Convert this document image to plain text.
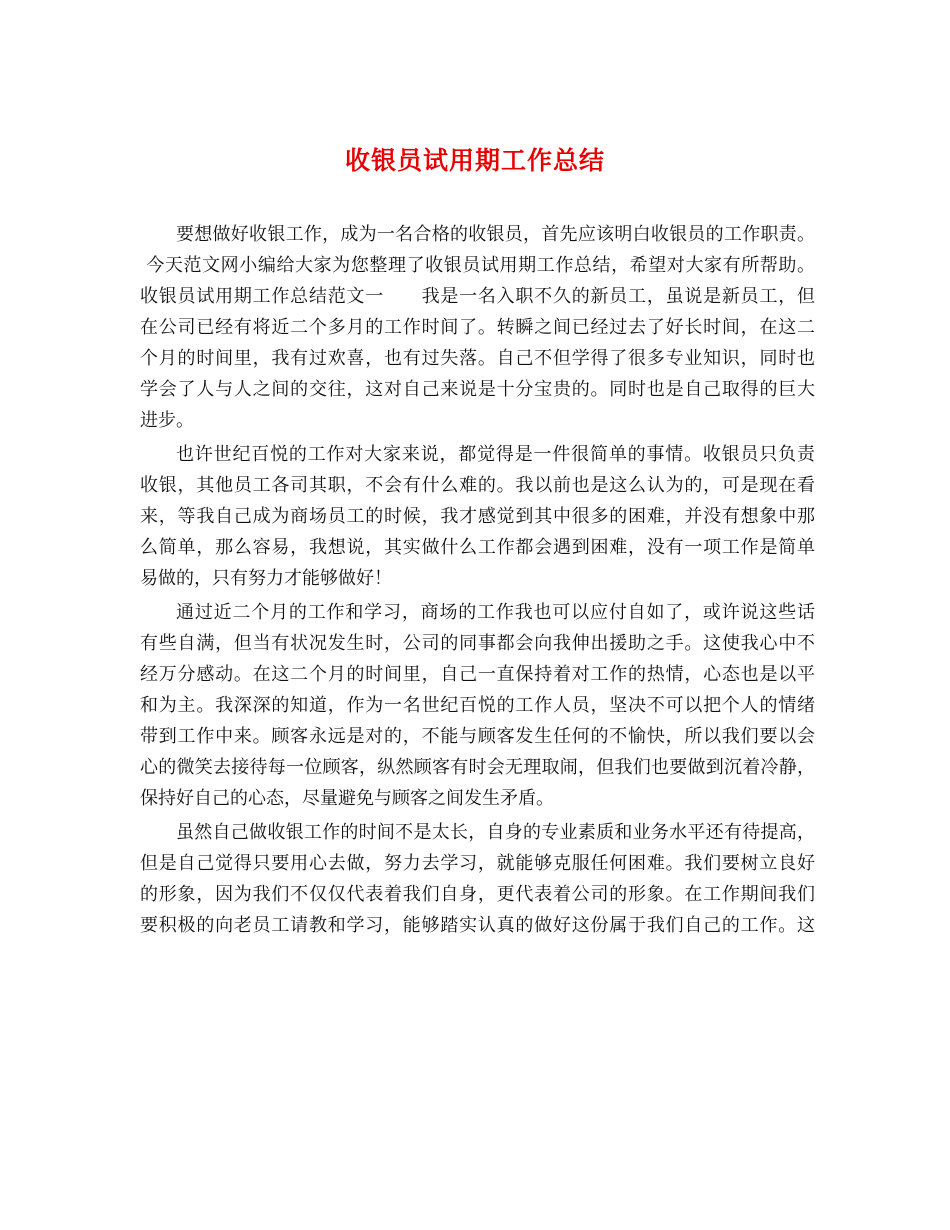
收银员试用期工作总结
要想做好收银工作，成为一名合格的收银员，首先应该明白收银员的工作职责。
今天范文网小编给大家为您整理了收银员试用期工作总结，希望对大家有所帮助。
收银员试用期工作总结范文一　　我是一名入职不久的新员工，虽说是新员工，但
在公司已经有将近二个多月的工作时间了。转瞬之间已经过去了好长时间，在这二
个月的时间里，我有过欢喜，也有过失落。自己不但学得了很多专业知识，同时也
学会了人与人之间的交往，这对自己来说是十分宝贵的。同时也是自己取得的巨大
进步。
也许世纪百悦的工作对大家来说，都觉得是一件很简单的事情。收银员只负责
收银，其他员工各司其职，不会有什么难的。我以前也是这么认为的，可是现在看
来，等我自己成为商场员工的时候，我才感觉到其中很多的困难，并没有想象中那
么简单，那么容易，我想说，其实做什么工作都会遇到困难，没有一项工作是简单
易做的，只有努力才能够做好！
通过近二个月的工作和学习，商场的工作我也可以应付自如了，或许说这些话
有些自满，但当有状况发生时，公司的同事都会向我伸出援助之手。这使我心中不
经万分感动。在这二个月的时间里，自己一直保持着对工作的热情，心态也是以平
和为主。我深深的知道，作为一名世纪百悦的工作人员，坚决不可以把个人的情绪
带到工作中来。顾客永远是对的，不能与顾客发生任何的不愉快，所以我们要以会
心的微笑去接待每一位顾客，纵然顾客有时会无理取闹，但我们也要做到沉着冷静，
保持好自己的心态，尽量避免与顾客之间发生矛盾。
虽然自己做收银工作的时间不是太长，自身的专业素质和业务水平还有待提高，
但是自己觉得只要用心去做，努力去学习，就能够克服任何困难。我们要树立良好
的形象，因为我们不仅仅代表着我们自身，更代表着公司的形象。在工作期间我们
要积极的向老员工请教和学习，能够踏实认真的做好这份属于我们自己的工作。这
